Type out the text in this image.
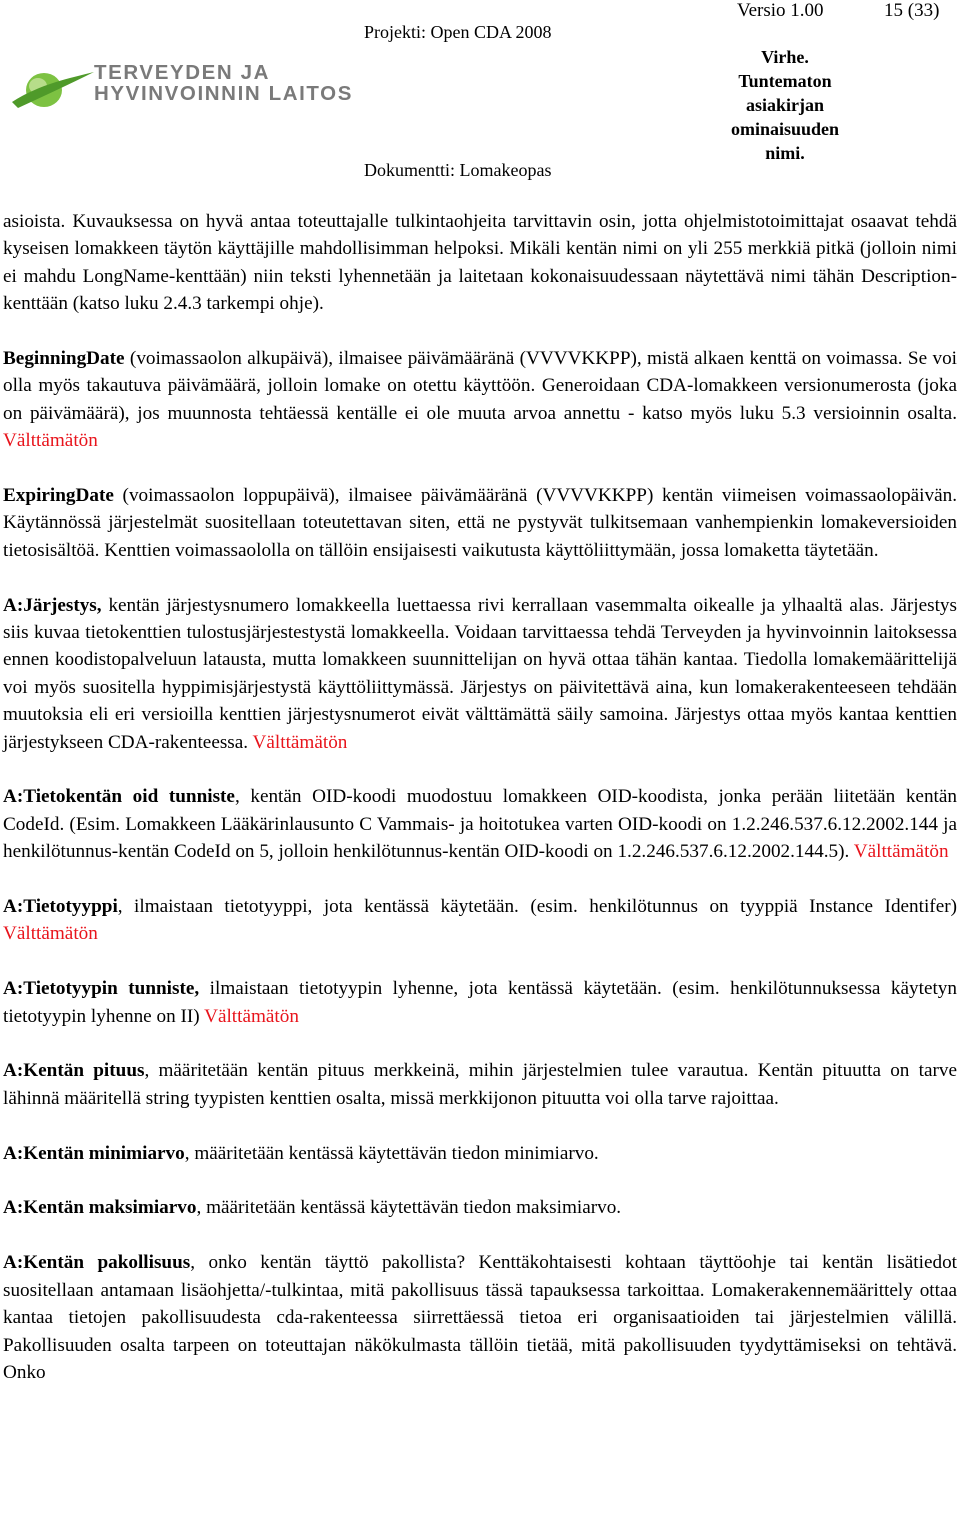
TERVEYDEN JA
HYVINVOINNIN LAITOS
Projekti: Open CDA 2008
Dokumentti: Lomakeopas
Versio 1.00	15 (33)
Virhe.
Tuntematon
asiakirjan
ominaisuuden
nimi.

asioista. Kuvauksessa on hyvä antaa toteuttajalle tulkintaohjeita tarvittavin osin, jotta ohjelmistotoimittajat osaavat tehdä kyseisen lomakkeen täytön käyttäjille mahdollisimman helpoksi. Mikäli kentän nimi on yli 255 merkkiä pitkä (jolloin nimi ei mahdu LongName-kenttään) niin teksti lyhennetään ja laitetaan kokonaisuudessaan näytettävä nimi tähän Description-kenttään (katso luku 2.4.3 tarkempi ohje).

BeginningDate (voimassaolon alkupäivä), ilmaisee päivämääränä (VVVVKKPP), mistä alkaen kenttä on voimassa. Se voi olla myös takautuva päivämäärä, jolloin lomake on otettu käyttöön. Generoidaan CDA-lomakkeen versionumerosta (joka on päivämäärä), jos muunnosta tehtäessä kentälle ei ole muuta arvoa annettu - katso myös luku 5.3 versioinnin osalta. Välttämätön

ExpiringDate (voimassaolon loppupäivä), ilmaisee päivämääränä (VVVVKKPP) kentän viimeisen voimassaolopäivän. Käytännössä järjestelmät suositellaan toteutettavan siten, että ne pystyvät tulkitsemaan vanhempienkin lomakeversioiden tietosisältöä. Kenttien voimassaololla on tällöin ensijaisesti vaikutusta käyttöliittymään, jossa lomaketta täytetään.

A:Järjestys, kentän järjestysnumero lomakkeella luettaessa rivi kerrallaan vasemmalta oikealle ja ylhaaltä alas. Järjestys siis kuvaa tietokenttien tulostusjärjestestystä lomakkeella. Voidaan tarvittaessa tehdä Terveyden ja hyvinvoinnin laitoksessa ennen koodistopalveluun latausta, mutta lomakkeen suunnittelijan on hyvä ottaa tähän kantaa. Tiedolla lomakemäärittelijä voi myös suositella hyppimisjärjestystä käyttöliittymässä. Järjestys on päivitettävä aina, kun lomakerakenteeseen tehdään muutoksia eli eri versioilla kenttien järjestysnumerot eivät välttämättä säily samoina. Järjestys ottaa myös kantaa kenttien järjestykseen CDA-rakenteessa. Välttämätön

A:Tietokentän oid tunniste, kentän OID-koodi muodostuu lomakkeen OID-koodista, jonka perään liitetään kentän CodeId. (Esim. Lomakkeen Lääkärinlausunto C Vammais- ja hoitotukea varten OID-koodi on 1.2.246.537.6.12.2002.144 ja henkilötunnus-kentän CodeId on 5, jolloin henkilötunnus-kentän OID-koodi on 1.2.246.537.6.12.2002.144.5). Välttämätön

A:Tietotyyppi, ilmaistaan tietotyyppi, jota kentässä käytetään. (esim. henkilötunnus on tyyppiä Instance Identifer) Välttämätön

A:Tietotyypin tunniste, ilmaistaan tietotyypin lyhenne, jota kentässä käytetään. (esim. henkilötunnuksessa käytetyn tietotyypin lyhenne on II) Välttämätön

A:Kentän pituus, määritetään kentän pituus merkkeinä, mihin järjestelmien tulee varautua. Kentän pituutta on tarve lähinnä määritellä string tyypisten kenttien osalta, missä merkkijonon pituutta voi olla tarve rajoittaa.

A:Kentän minimiarvo, määritetään kentässä käytettävän tiedon minimiarvo.

A:Kentän maksimiarvo, määritetään kentässä käytettävän tiedon maksimiarvo.

A:Kentän pakollisuus, onko kentän täyttö pakollista? Kenttäkohtaisesti kohtaan täyttöohje tai kentän lisätiedot suositellaan antamaan lisäohjetta/-tulkintaa, mitä pakollisuus tässä tapauksessa tarkoittaa. Lomakerakennemäärittely ottaa kantaa tietojen pakollisuudesta cda-rakenteessa siirrettäessä tietoa eri organisaatioiden tai järjestelmien välillä. Pakollisuuden osalta tarpeen on toteuttajan näkökulmasta tällöin tietää, mitä pakollisuuden tyydyttämiseksi on tehtävä. Onko
